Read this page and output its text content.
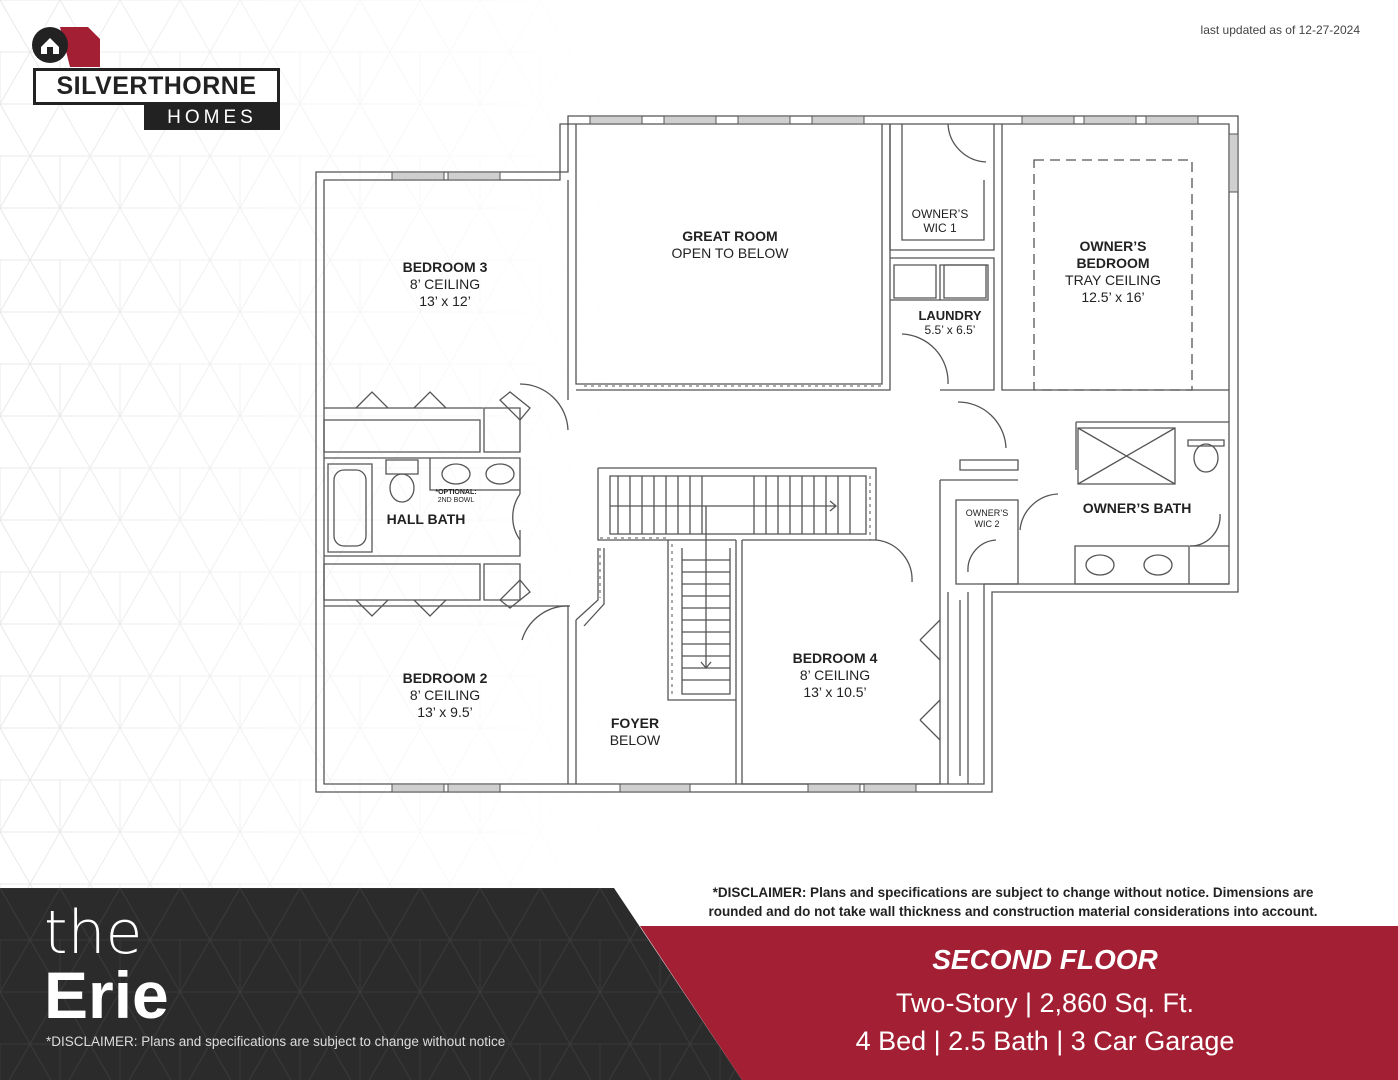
last updated as of 12-27-2024
SILVERTHORNE
HOMES
BEDROOM 3
8’ CEILING
13’ x 12’
GREAT ROOM
OPEN TO BELOW
OWNER’S
WIC 1
OWNER’S
BEDROOM
TRAY CEILING
12.5’ x 16’
LAUNDRY
5.5’ x 6.5’
HALL BATH
*OPTIONAL:
2ND BOWL
OWNER’S
WIC 2
OWNER’S BATH
BEDROOM 4
8’ CEILING
13’ x 10.5’
BEDROOM 2
8’ CEILING
13’ x 9.5’
FOYER
BELOW
*DISCLAIMER: Plans and specifications are subject to change without notice. Dimensions are
rounded and do not take wall thickness and construction material considerations into account.
the
Erie
*DISCLAIMER: Plans and specifications are subject to change without notice
SECOND FLOOR
Two-Story | 2,860 Sq. Ft.
4 Bed | 2.5 Bath | 3 Car Garage
